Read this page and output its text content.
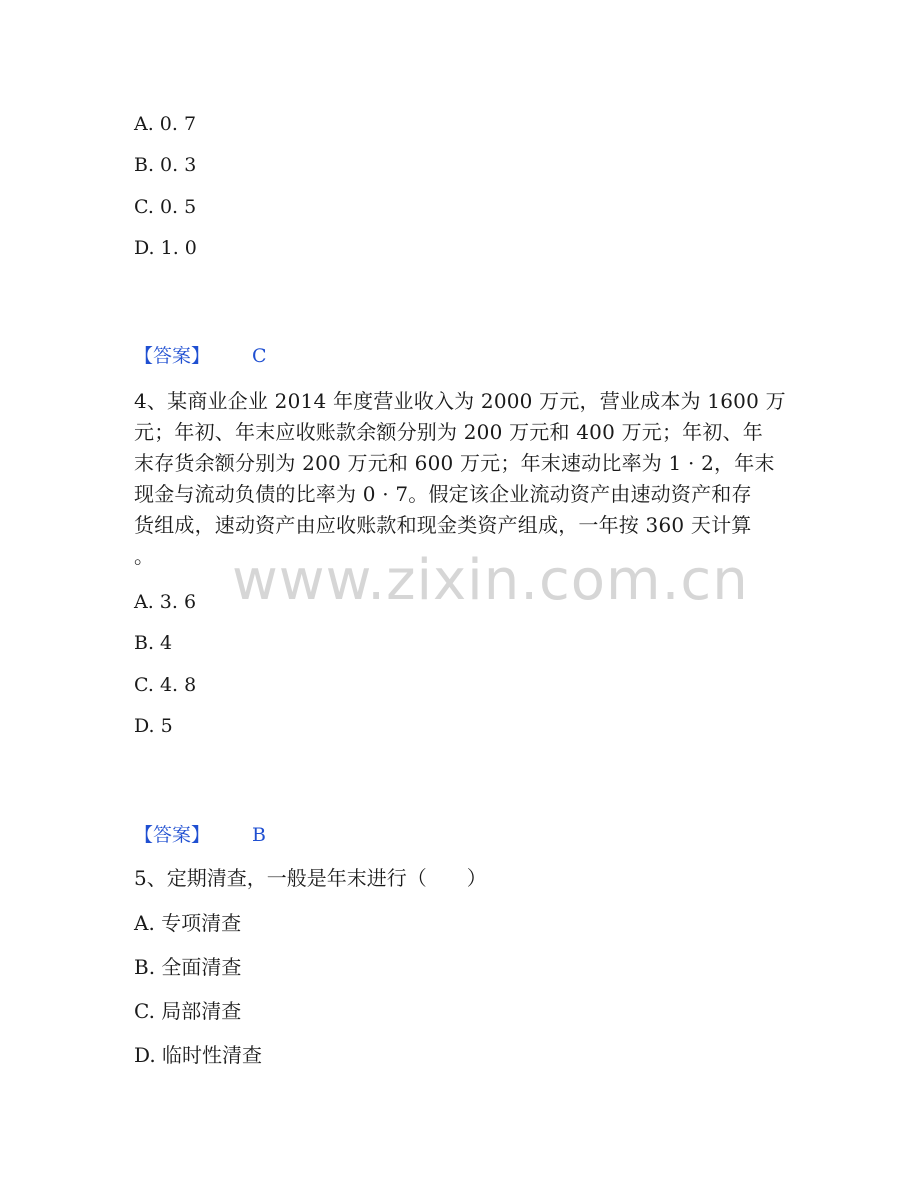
A. 0. 7
B. 0. 3
C. 0. 5
D. 1. 0
【答案】 C
4、某商业企业 2014 年度营业收入为 2000 万元，营业成本为 1600 万
元；年初、年末应收账款余额分别为 200 万元和 400 万元；年初、年
末存货余额分别为 200 万元和 600 万元；年末速动比率为 1 · 2，年末
现金与流动负债的比率为 0 · 7。假定该企业流动资产由速动资产和存
货组成，速动资产由应收账款和现金类资产组成，一年按 360 天计算
。
A. 3. 6
B. 4
C. 4. 8
D. 5
【答案】 B
5、定期清查，一般是年末进行（　　）
A. 专项清查
B. 全面清查
C. 局部清查
D. 临时性清查
www.zixin.com.cn
